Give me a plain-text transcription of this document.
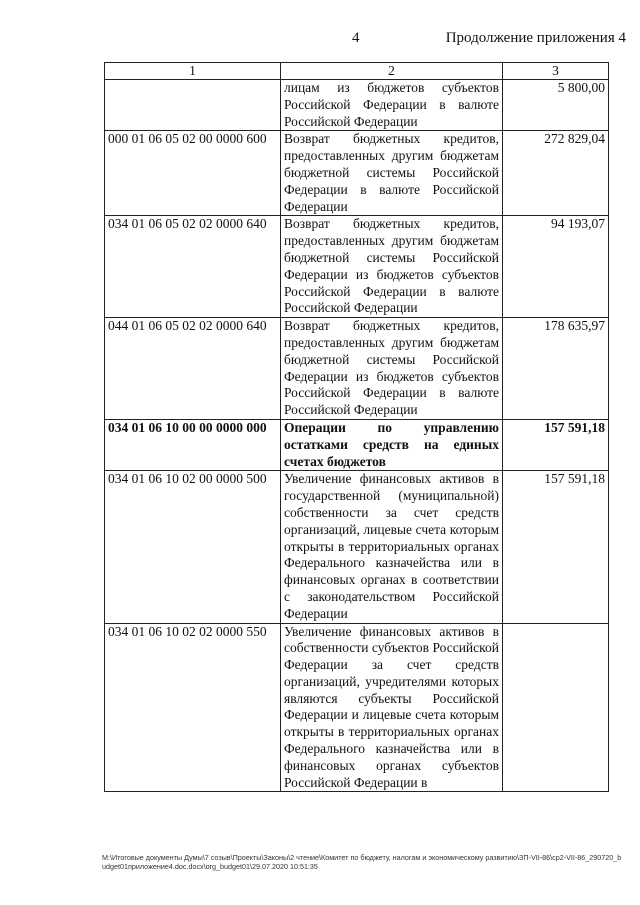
4	Продолжение приложения 4
1	2	3
	лицам из бюджетов субъектов Российской Федерации в валюте Российской Федерации	5 800,00
000 01 06 05 02 00 0000 600	Возврат бюджетных кредитов, предоставленных другим бюджетам бюджетной системы Российской Федерации в валюте Российской Федерации	272 829,04
034 01 06 05 02 02 0000 640	Возврат бюджетных кредитов, предоставленных другим бюджетам бюджетной системы Российской Федерации из бюджетов субъектов Российской Федерации в валюте Российской Федерации	94 193,07
044 01 06 05 02 02 0000 640	Возврат бюджетных кредитов, предоставленных другим бюджетам бюджетной системы Российской Федерации из бюджетов субъектов Российской Федерации в валюте Российской Федерации	178 635,97
034 01 06 10 00 00 0000 000	Операции по управлению остатками средств на единых счетах бюджетов	157 591,18
034 01 06 10 02 00 0000 500	Увеличение финансовых активов в государственной (муниципальной) собственности за счет средств организаций, лицевые счета которым открыты в территориальных органах Федерального казначейства или в финансовых органах в соответствии с законодательством Российской Федерации	157 591,18
034 01 06 10 02 02 0000 550	Увеличение финансовых активов в собственности субъектов Российской Федерации за счет средств организаций, учредителями которых являются субъекты Российской Федерации и лицевые счета которым открыты в территориальных органах Федерального казначейства или в финансовых органах субъектов Российской Федерации в	
M:\Итоговые документы Думы\7 созыв\Проекты\Законы\2 чтение\Комитет по бюджету, налогам и экономическому развитию\ЗП-VII-86\ср2-VII-86_290720_budget01приложение4.doc.docx\org_budget01\29.07.2020 10:51:35
